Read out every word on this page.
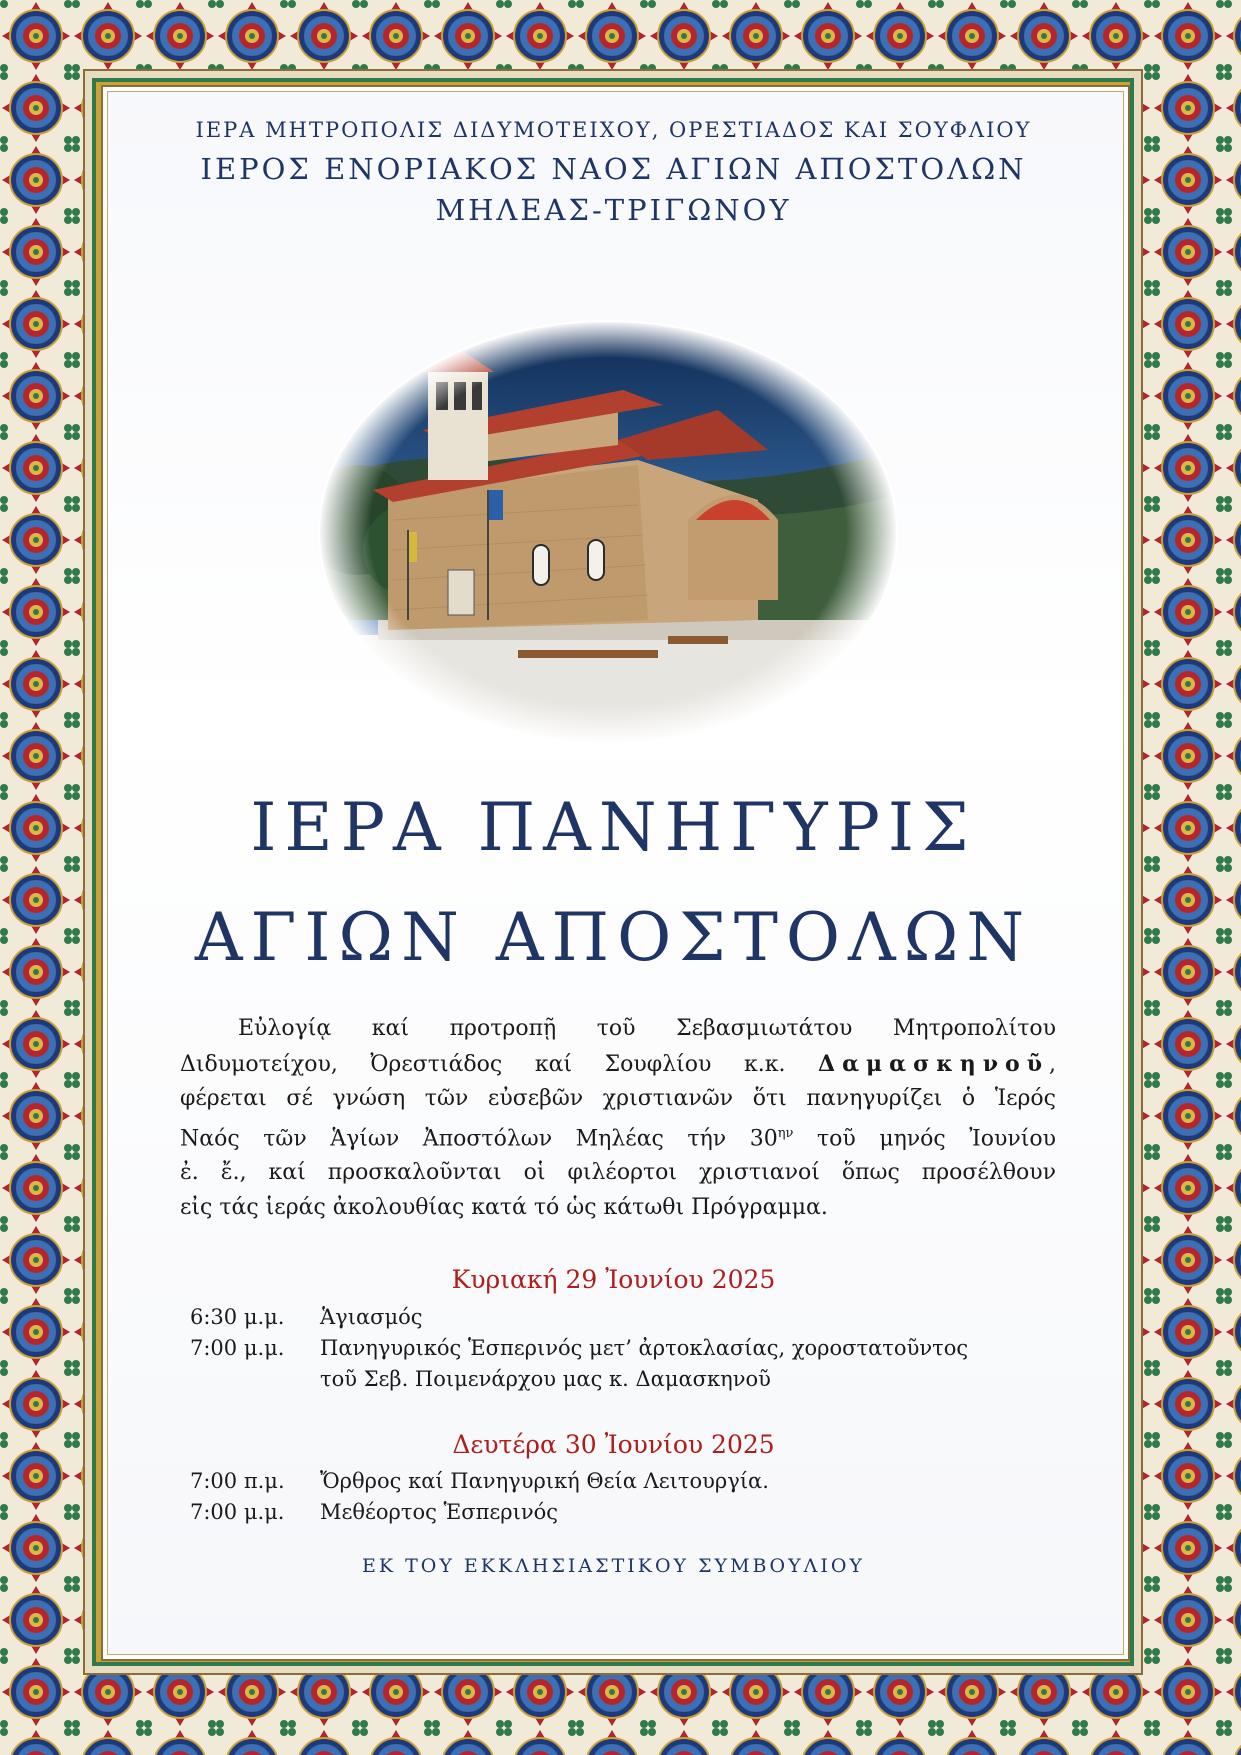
ΙΕΡΑ ΜΗΤΡΟΠΟΛΙΣ ΔΙΔΥΜΟΤΕΙΧΟΥ, ΟΡΕΣΤΙΑΔΟΣ ΚΑΙ ΣΟΥΦΛΙΟΥ
ΙΕΡΟΣ ΕΝΟΡΙΑΚΟΣ ΝΑΟΣ ΑΓΙΩΝ ΑΠΟΣΤΟΛΩΝ
ΜΗΛΕΑΣ-ΤΡΙΓΩΝΟΥ
ΙΕΡΑ ΠΑΝΗΓΥΡΙΣ
ΑΓΙΩΝ ΑΠΟΣΤΟΛΩΝ

Εὐλογίᾳ καί προτροπῇ τοῦ Σεβασμιωτάτου Μητροπολίτου

Διδυμοτείχου, Ὀρεστιάδος καί Σουφλίου κ.κ. Δαμασκηνοῦ,

φέρεται σέ γνώση τῶν εὐσεβῶν χριστιανῶν ὅτι πανηγυρίζει ὁ Ἱερός

Ναός τῶν Ἁγίων Ἀποστόλων Μηλέας τήν $30^{\eta\nu}$ τοῦ μηνός Ἰουνίου

ἐ. ἔ., καί προσκαλοῦνται οἱ φιλέορτοι χριστιανοί ὅπως προσέλθουν

εἰς τάς ἱεράς ἀκολουθίας κατά τό ὡς κάτωθι Πρόγραμμα.

Κυριακή 29 Ἰουνίου 2025
6:30 μ.μ. Ἁγιασμός
7:00 μ.μ. Πανηγυρικός Ἑσπερινός μετ’ ἀρτοκλασίας, χοροστατοῦντος
τοῦ Σεβ. Ποιμενάρχου μας κ. Δαμασκηνοῦ
Δευτέρα 30 Ἰουνίου 2025
7:00 π.μ. Ὄρθρος καί Πανηγυρική Θεία Λειτουργία.
7:00 μ.μ. Μεθέορτος Ἑσπερινός
ΕΚ ΤΟΥ ΕΚΚΛΗΣΙΑΣΤΙΚΟΥ ΣΥΜΒΟΥΛΙΟΥ
